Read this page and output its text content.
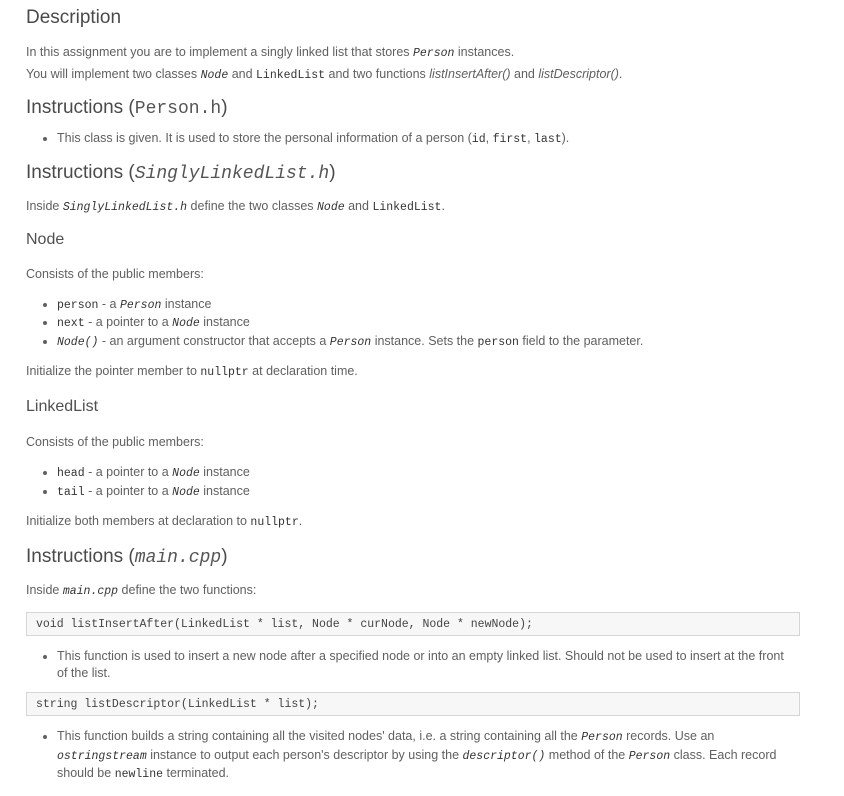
Description

In this assignment you are to implement a singly linked list that stores Person instances.

You will implement two classes Node and LinkedList and two functions listInsertAfter() and listDescriptor().

Instructions (Person.h)
• This class is given. It is used to store the personal information of a person (id, first, last).
Instructions (SinglyLinkedList.h)

Inside SinglyLinkedList.h define the two classes Node and LinkedList.

Node

Consists of the public members:

• person - a Person instance
• next - a pointer to a Node instance
• Node() - an argument constructor that accepts a Person instance. Sets the person field to the parameter.

Initialize the pointer member to nullptr at declaration time.

LinkedList

Consists of the public members:

• head - a pointer to a Node instance
• tail - a pointer to a Node instance

Initialize both members at declaration to nullptr.

Instructions (main.cpp)

Inside main.cpp define the two functions:

void listInsertAfter(LinkedList * list, Node * curNode, Node * newNode);
• This function is used to insert a new node after a specified node or into an empty linked list. Should not be used to insert at the front
of the list.
string listDescriptor(LinkedList * list);
• This function builds a string containing all the visited nodes' data, i.e. a string containing all the Person records. Use an
ostringstream instance to output each person's descriptor by using the descriptor() method of the Person class. Each record
should be newline terminated.
